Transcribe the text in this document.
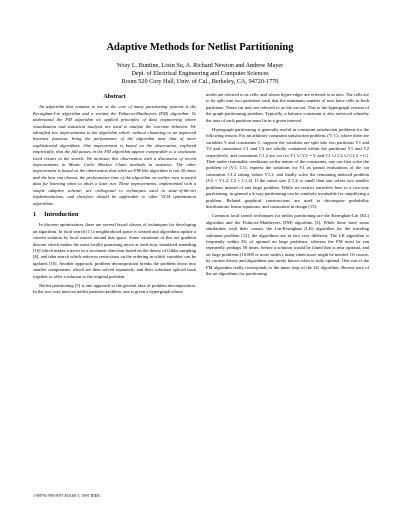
Adaptive Methods for Netlist Partitioning
Wray L. Buntine, Lixin Su, A. Richard Newton and Andrew Mayer
Dept. of Electrical Engineering and Computer Sciences
Room 520 Cory Hall, Univ. of Cal., Berkeley, CA, 94720-1770
Abstract

An algorithm that remains in use at the core of many partitioning systems is the Kernighan-Lin algorithm and a variant the Fiduccia-Mattheyses (FM) algorithm. To understand the FM algorithm we applied principles of data engineering where visualization and statistical analysis are used to analyze the run-time behavior. We identified two improvements to the algorithm which, without clustering or an improved heuristic function, bring the performance of the algorithm near that of more sophisticated algorithms. One improvement is based on the observation, explored empirically, that the full passes in the FM algorithm appear comparable to a stochastic local restart in the search. We motivate this observation with a discussion of recent improvements in Monte Carlo Markov Chain methods in statistics. The other improvement is based on the observation that when an FM-like algorithm is run 20 times and the best run chosen, the performance time of the algorithm on earlier runs is useful data for learning when to abort a later run. These improvements, implemented with a simple adaptive scheme, are orthogonal to techniques used in state-of-the-art implementations, and therefore should be applicable to other VLSI optimization algorithms.

1 Introduction

In discrete optimization, there are several broad classes of techniques for developing an algorithm. In local search [1] a neighborhood space is created and algorithms update a current solution by local moves around that space. Some variations of this are gradient descent which makes the most locally promising move at each step, simulated annealing [16] which makes a move in a stochastic direction based on the theory of Gibbs sampling [8], and tabu search which enforces restrictions on the ordering in which variables can be updated [10]. Another approach, problem decomposition breaks the problem down into smaller components, which are then solved separately, and their solutions spliced back together to offer a solution to the original problem.

Netlist partitioning [5] is one approach to the general idea of problem decomposition. In the two-way min-cut netlist partition problem, one is given a hypergraph whose

nodes are referred to as cells, and whose hyper-edges are referred to as nets. The cells are to be split into two partitions such that the minimum number of nets have cells in both partitions. These cut nets are referred to as the cut-set. This is the hypergraph version of the graph partitioning problem. Typically, a balance constraint is also enforced whereby the area of each partition must lie in a given interval.

Hypergraph partitioning is generally useful in constraint satisfaction problems for the following reason. For an arbitrary constraint satisfaction problem, (V, C), where there are variables V and constraints C, suppose the variables are split into two partitions V1 and V2 and constraints C1 and C2 are wholly contained within the partitions V1 and V2 respectively, and constraints C1,2 are cut (so V1 ∪ V2 = V and C1 ∪ C2 ∪ C1,2 = C). Then under reasonable conditions on the nature of the constraints, one can first solve the problem of (V1, C1), express the solutions for V1 as partial evaluations of the cut constraints C1,2 taking values V1,2, and finally solve the remaining induced problem (V2 + V1,2, C2 + C1,2). If the cutset size |C1,2| is small then one solves two smaller problems instead of one large problem. While we restrict ourselves here to a two-way partitioning, in general a k-way partitioning can be similarly invaluable for simplifying a problem. Related graphical constructions are used to decompose probability distributions, linear equations, and constraints in design [15].

Common local search techniques for netlist partitioning are the Kernighan-Lin (KL) algorithm and the Fiduccia-Mattheyses (FM) algorithm [3]. While these have some similarities with their cousin, the Lin-Kernighan (LK) algorithm for the traveling salesman problem [12], the algorithms are in fact very different. The LK algorithm is frequently within 2% of optimal on large problems, whereas the FM must be run repeatedly, perhaps 50 times, before a solution would be found that is near optimal, and on large problems (10,000 or more nodes), many times more might be needed. Of course, by current theory and algorithms one rarely knows what is truly optimal. One run of the FM algorithm really corresponds to the inner loop of the LK algorithm. Recent state of the art algorithms for partitioning

1-89791-993-9/97 $10.00 © 1997 IEEE
